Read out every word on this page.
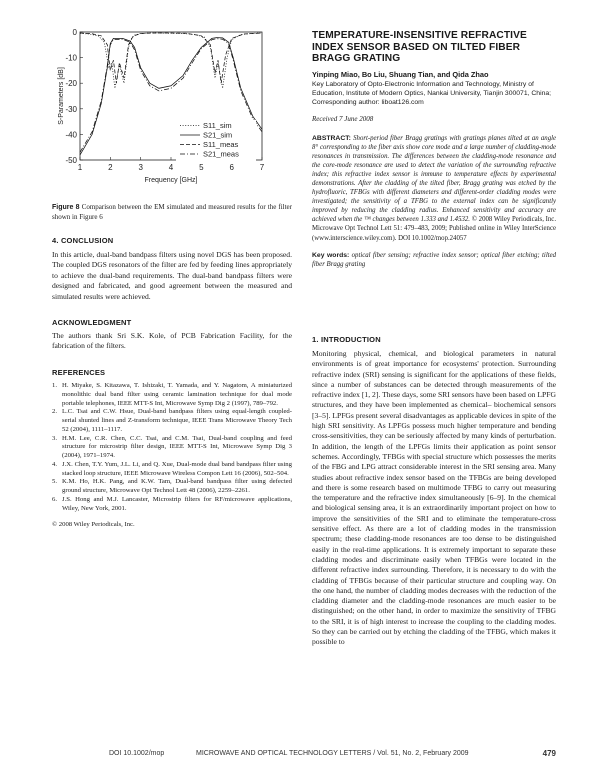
1	2	3	4	5	6	7
0
-10
-20
-30
-40
-50
Frequency [GHz]
S-Parameters [dB]
S11_sim
S21_sim
S11_meas
S21_meas
Figure 8 Comparison between the EM simulated and measured results for the filter shown in Figure 6
4. CONCLUSION

In this article, dual-band bandpass filters using novel DGS has been proposed. The coupled DGS resonators of the filter are fed by feeding lines appropriately to achieve the dual-band requirements. The dual-band bandpass filters were designed and fabricated, and good agreement between the measured and simulated results were achieved.

ACKNOWLEDGMENT

The authors thank Sri S.K. Kole, of PCB Fabrication Facility, for the fabrication of the filters.

REFERENCES
1. H. Miyake, S. Kitazawa, T. Ishizaki, T. Yamada, and Y. Nagatom, A miniaturized monolithic dual band filter using ceramic lamination technique for dual mode portable telephones, IEEE MTT-S Int, Microwave Symp Dig 2 (1997), 789–792.
2. L.C. Tsai and C.W. Hsue, Dual-band bandpass filters using equal-length coupled-serial shunted lines and Z-transform technique, IEEE Trans Microwave Theory Tech 52 (2004), 1111–1117.
3. H.M. Lee, C.R. Chen, C.C. Tsai, and C.M. Tsai, Dual-band coupling and feed structure for microstrip filter design, IEEE MTT-S Int, Microwave Symp Dig 3 (2004), 1971–1974.
4. J.X. Chen, T.Y. Yum, J.L. Li, and Q. Xue, Dual-mode dual band bandpass filter using stacked loop structure, IEEE Microwave Wireless Compon Lett 16 (2006), 502–504.
5. K.M. Ho, H.K. Pang, and K.W. Tam, Dual-band bandpass filter using defected ground structure, Microwave Opt Technol Lett 48 (2006), 2259–2261.
6. J.S. Hong and M.J. Lancaster, Microstrip filters for RF/microwave applications, Wiley, New York, 2001.

© 2008 Wiley Periodicals, Inc.

TEMPERATURE-INSENSITIVE REFRACTIVE INDEX SENSOR BASED ON TILTED FIBER BRAGG GRATING
Yinping Miao, Bo Liu, Shuang Tian, and Qida Zhao
Key Laboratory of Opto-Electronic Information and Technology, Ministry of Education, Institute of Modern Optics, Nankai University, Tianjin 300071, China; Corresponding author: liboat126.com
Received 7 June 2008
ABSTRACT: Short-period fiber Bragg gratings with gratings planes tilted at an angle 8° corresponding to the fiber axis show core mode and a large number of cladding-mode resonances in transmission. The differences between the cladding-mode resonance and the core-mode resonance are used to detect the variation of the surrounding refractive index; this refractive index sensor is immune to temperature effects by experimental demonstrations. After the cladding of the tilted fiber, Bragg grating was etched by the hydrofluoric, TFBGs with different diameters and different-order cladding modes were investigated; the sensitivity of a TFBG to the external index can be significantly improved by reducing the cladding radius. Enhanced sensitivity and accuracy are achieved when the ™ changes between 1.333 and 1.4532. © 2008 Wiley Periodicals, Inc. Microwave Opt Technol Lett 51: 479–483, 2009; Published online in Wiley InterScience (www.interscience.wiley.com). DOI 10.1002/mop.24057
Key words: optical fiber sensing; refractive index sensor; optical fiber etching; tilted fiber Bragg grating
1. INTRODUCTION

Monitoring physical, chemical, and biological parameters in natural environments is of great importance for ecosystems' protection. Surrounding refractive index (SRI) sensing is significant for the applications of these fields, since a number of substances can be detected through measurements of the refractive index [1, 2]. These days, some SRI sensors have been based on LPFG structures, and they have been implemented as chemical– biochemical sensors [3–5]. LPFGs present several disadvantages as applicable devices in spite of the high SRI sensitivity. As LPFGs possess much higher temperature and bending cross-sensitivities, they can be seriously affected by many kinds of perturbation. In addition, the length of the LPFGs limits their application as point sensor schemes. Accordingly, TFBGs with special structure which possesses the merits of the FBG and LPG attract considerable interest in the SRI sensing area. Many studies about refractive index sensor based on the TFBGs are being developed and there is some research based on multimode TFBG to carry out measuring the temperature and the refractive index simultaneously [6–9]. In the chemical and biological sensing area, it is an extraordinarily important project on how to improve the sensitivities of the SRI and to eliminate the temperature-cross sensitive effect. As there are a lot of cladding modes in the transmission spectrum; these cladding-mode resonances are too dense to be distinguished easily in the real-time applications. It is extremely important to separate these cladding modes and discriminate easily when TFBGs were located in the different refractive index surrounding. Therefore, it is necessary to do with the cladding of TFBGs because of their particular structure and coupling way. On the one hand, the number of cladding modes decreases with the reduction of the cladding diameter and the cladding-mode resonances are much easier to be distinguished; on the other hand, in order to maximize the sensitivity of TFBG to the SRI, it is of high interest to increase the coupling to the cladding modes. So they can be carried out by etching the cladding of the TFBG, which makes it possible to

DOI 10.1002/mop	MICROWAVE AND OPTICAL TECHNOLOGY LETTERS / Vol. 51, No. 2, February 2009	479
